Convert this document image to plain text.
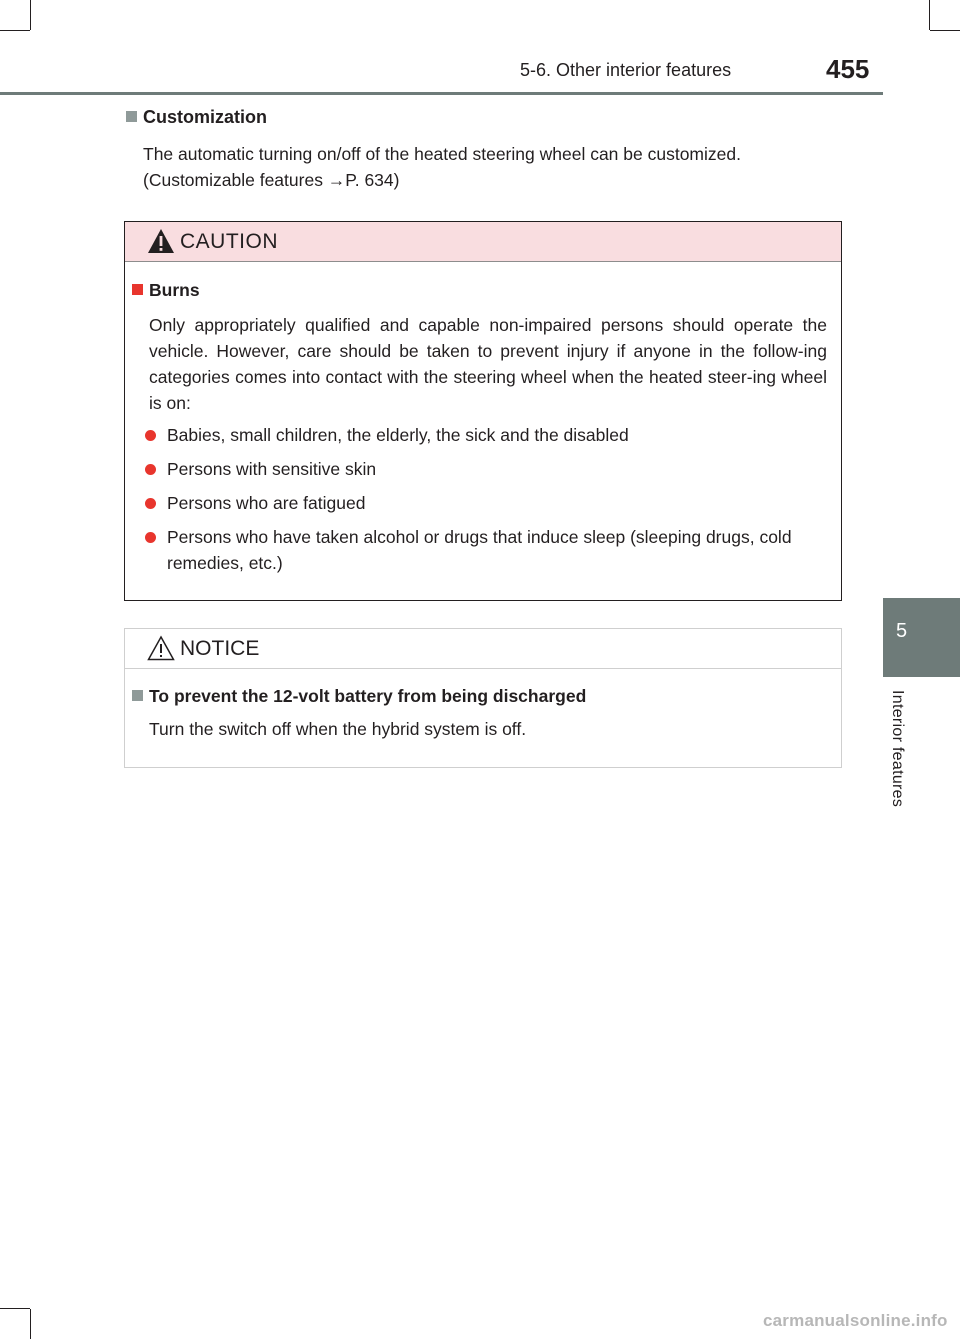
5-6. Other interior features	455
5
Interior features
Customization
The automatic turning on/off of the heated steering wheel can be customized. (Customizable features →P. 634)
CAUTION
Burns
Only appropriately qualified and capable non-impaired persons should operate the vehicle. However, care should be taken to prevent injury if anyone in the follow-ing categories comes into contact with the steering wheel when the heated steer-ing wheel is on:
Babies, small children, the elderly, the sick and the disabled
Persons with sensitive skin
Persons who are fatigued
Persons who have taken alcohol or drugs that induce sleep (sleeping drugs, cold remedies, etc.)
NOTICE
To prevent the 12-volt battery from being discharged
Turn the switch off when the hybrid system is off.
carmanualsonline.info
